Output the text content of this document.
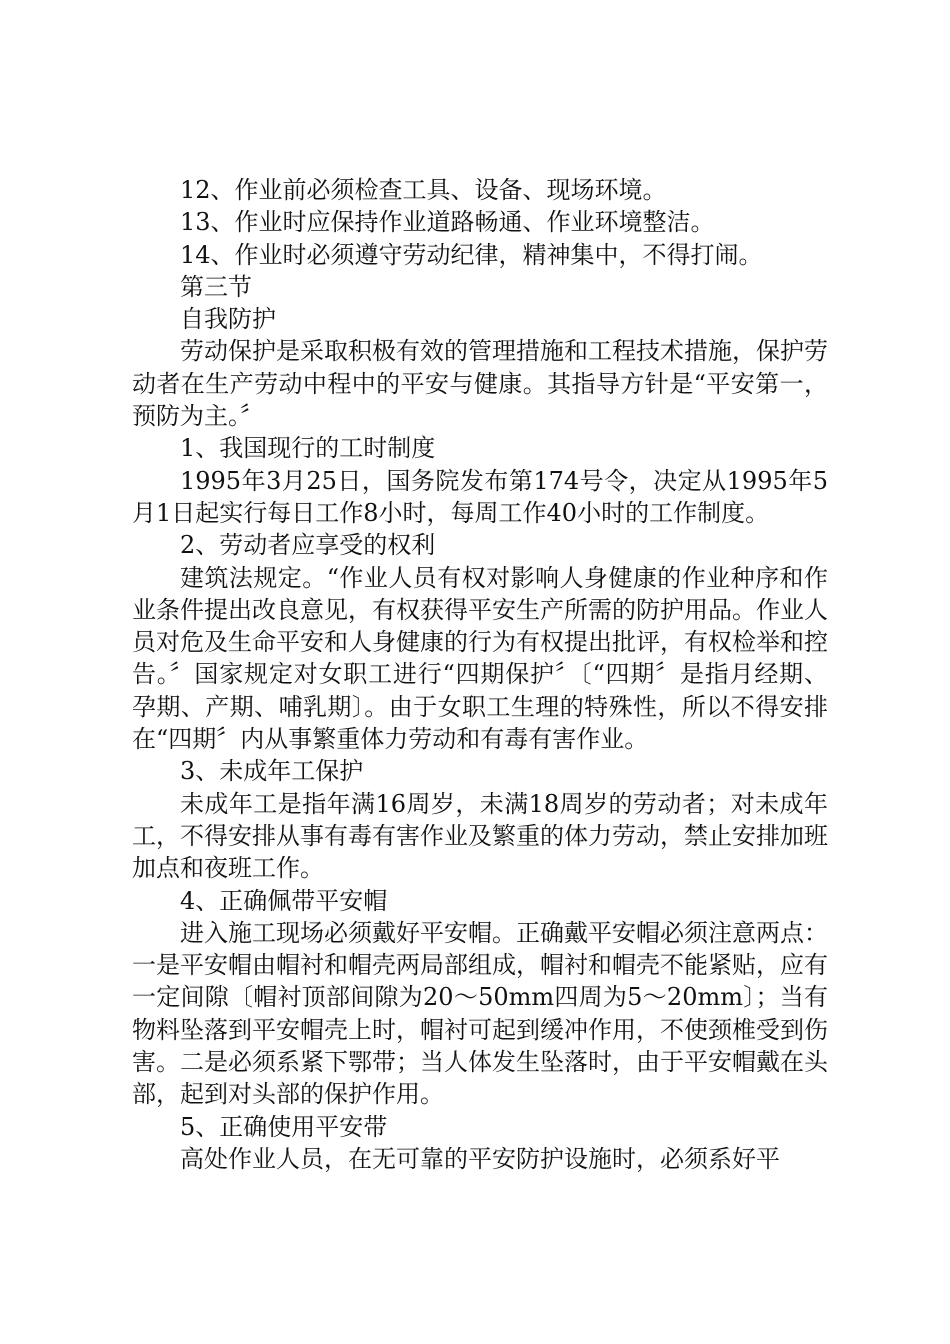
12、作业前必须检查工具、设备、现场环境。

13、作业时应保持作业道路畅通、作业环境整洁。

14、作业时必须遵守劳动纪律，精神集中，不得打闹。

第三节

自我防护

劳动保护是采取积极有效的管理措施和工程技术措施，保护劳动者在生产劳动中程中的平安与健康。其指导方针是“平安第一，预防为主。〞

1、我国现行的工时制度

1995年3月25日，国务院发布第174号令，决定从1995年5月1日起实行每日工作8小时，每周工作40小时的工作制度。

2、劳动者应享受的权利

建筑法规定。“作业人员有权对影响人身健康的作业种序和作业条件提出改良意见，有权获得平安生产所需的防护用品。作业人员对危及生命平安和人身健康的行为有权提出批评，有权检举和控告。〞国家规定对女职工进行“四期保护〞〔“四期〞是指月经期、孕期、产期、哺乳期〕。由于女职工生理的特殊性，所以不得安排在“四期〞内从事繁重体力劳动和有毒有害作业。

3、未成年工保护

未成年工是指年满16周岁，未满18周岁的劳动者；对未成年工，不得安排从事有毒有害作业及繁重的体力劳动，禁止安排加班加点和夜班工作。

4、正确佩带平安帽

进入施工现场必须戴好平安帽。正确戴平安帽必须注意两点：一是平安帽由帽衬和帽壳两局部组成，帽衬和帽壳不能紧贴，应有一定间隙〔帽衬顶部间隙为20～50mm四周为5～20mm〕；当有物料坠落到平安帽壳上时，帽衬可起到缓冲作用，不使颈椎受到伤害。二是必须系紧下鄂带；当人体发生坠落时，由于平安帽戴在头部，起到对头部的保护作用。

5、正确使用平安带

高处作业人员，在无可靠的平安防护设施时，必须系好平
